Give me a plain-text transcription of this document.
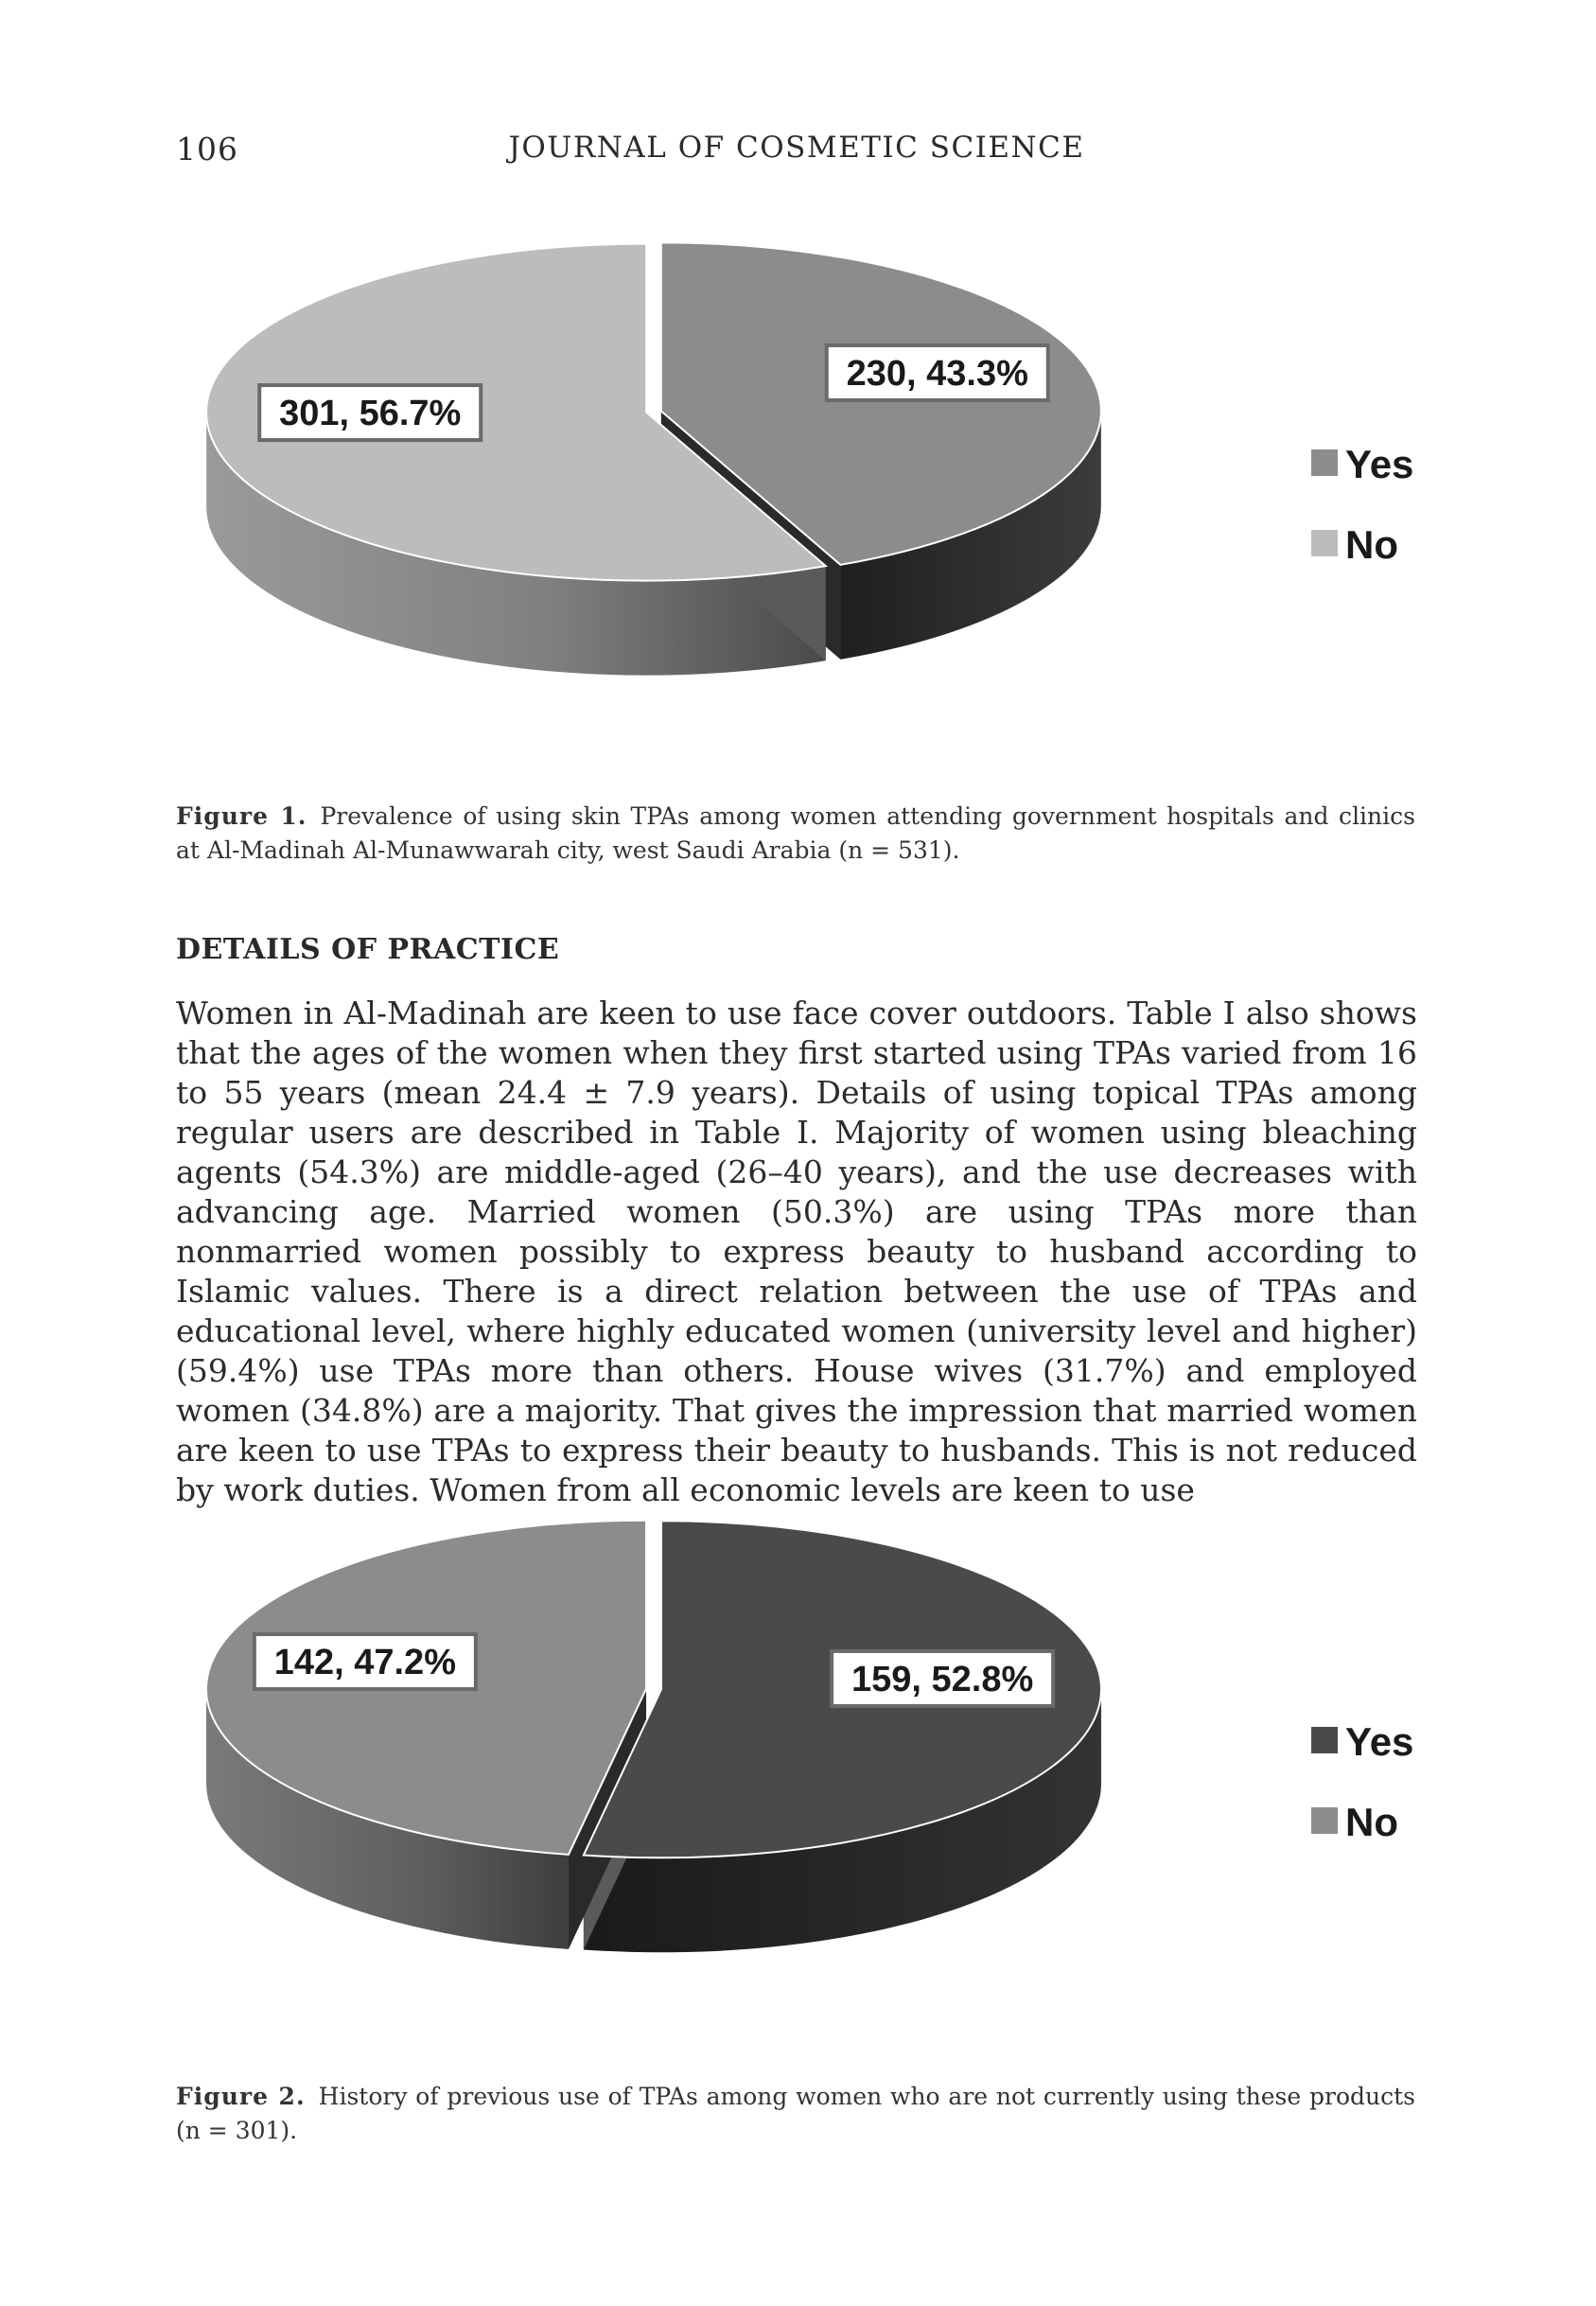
106	JOURNAL OF COSMETIC SCIENCE
230, 43.3%
301, 56.7%
Yes
No
Figure 1. Prevalence of using skin TPAs among women attending government hospitals and clinics at Al-Madinah Al-Munawwarah city, west Saudi Arabia (n = 531).
DETAILS OF PRACTICE

Women in Al-Madinah are keen to use face cover outdoors. Table I also shows that the ages of the women when they first started using TPAs varied from 16 to 55 years (mean 24.4 ± 7.9 years). Details of using topical TPAs among regular users are described in Table I. Majority of women using bleaching agents (54.3%) are middle-aged (26–40 years), and the use decreases with advancing age. Married women (50.3%) are using TPAs more than nonmarried women possibly to express beauty to husband according to Islamic values. There is a direct relation between the use of TPAs and educational level, where highly educated women (university level and higher) (59.4%) use TPAs more than others. House wives (31.7%) and employed women (34.8%) are a majority. That gives the impression that married women are keen to use TPAs to express their beauty to husbands. This is not reduced by work duties. Women from all economic levels are keen to use

159, 52.8%
142, 47.2%
Yes
No
Figure 2. History of previous use of TPAs among women who are not currently using these products (n = 301).
